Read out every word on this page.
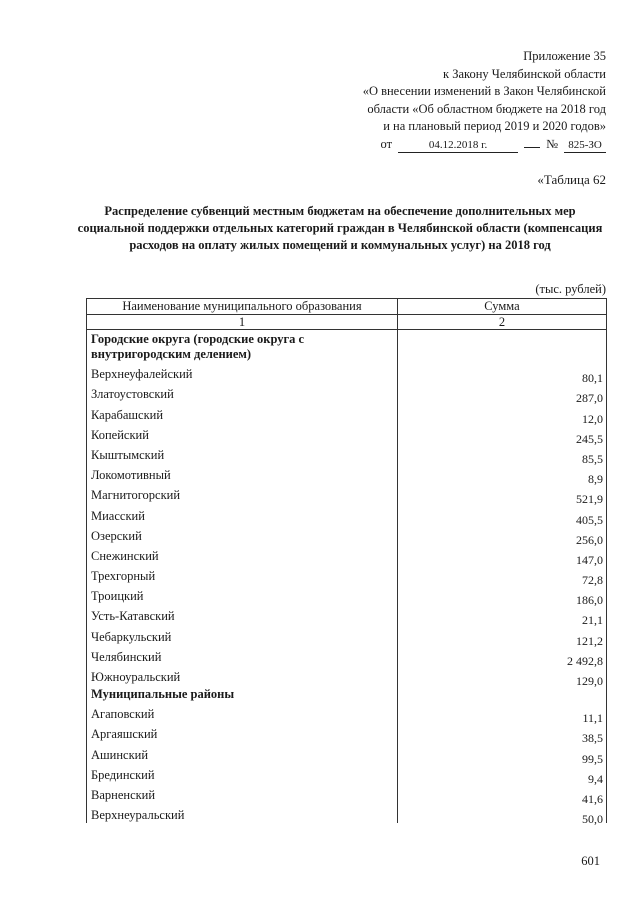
Приложение 35
к Закону Челябинской области
«О внесении изменений в Закон Челябинской
области «Об областном бюджете на 2018 год
и на плановый период 2019 и 2020 годов»
от	04.12.2018 г.	№ 825-ЗО
«Таблица 62
Распределение субвенций местным бюджетам на обеспечение дополнительных мер социальной поддержки отдельных категорий граждан в Челябинской области (компенсация расходов на оплату жилых помещений и коммунальных услуг) на 2018 год
(тыс. рублей)
Наименование муниципального образования	Сумма
1	2
Городские округа (городские округа с внутригородским делением)	
Верхнеуфалейский	80,1
Златоустовский	287,0
Карабашский	12,0
Копейский	245,5
Кыштымский	85,5
Локомотивный	8,9
Магнитогорский	521,9
Миасский	405,5
Озерский	256,0
Снежинский	147,0
Трехгорный	72,8
Троицкий	186,0
Усть-Катавский	21,1
Чебаркульский	121,2
Челябинский	2 492,8
Южноуральский	129,0
Муниципальные районы	
Агаповский	11,1
Аргаяшский	38,5
Ашинский	99,5
Брединский	9,4
Варненский	41,6
Верхнеуральский	50,0
601
